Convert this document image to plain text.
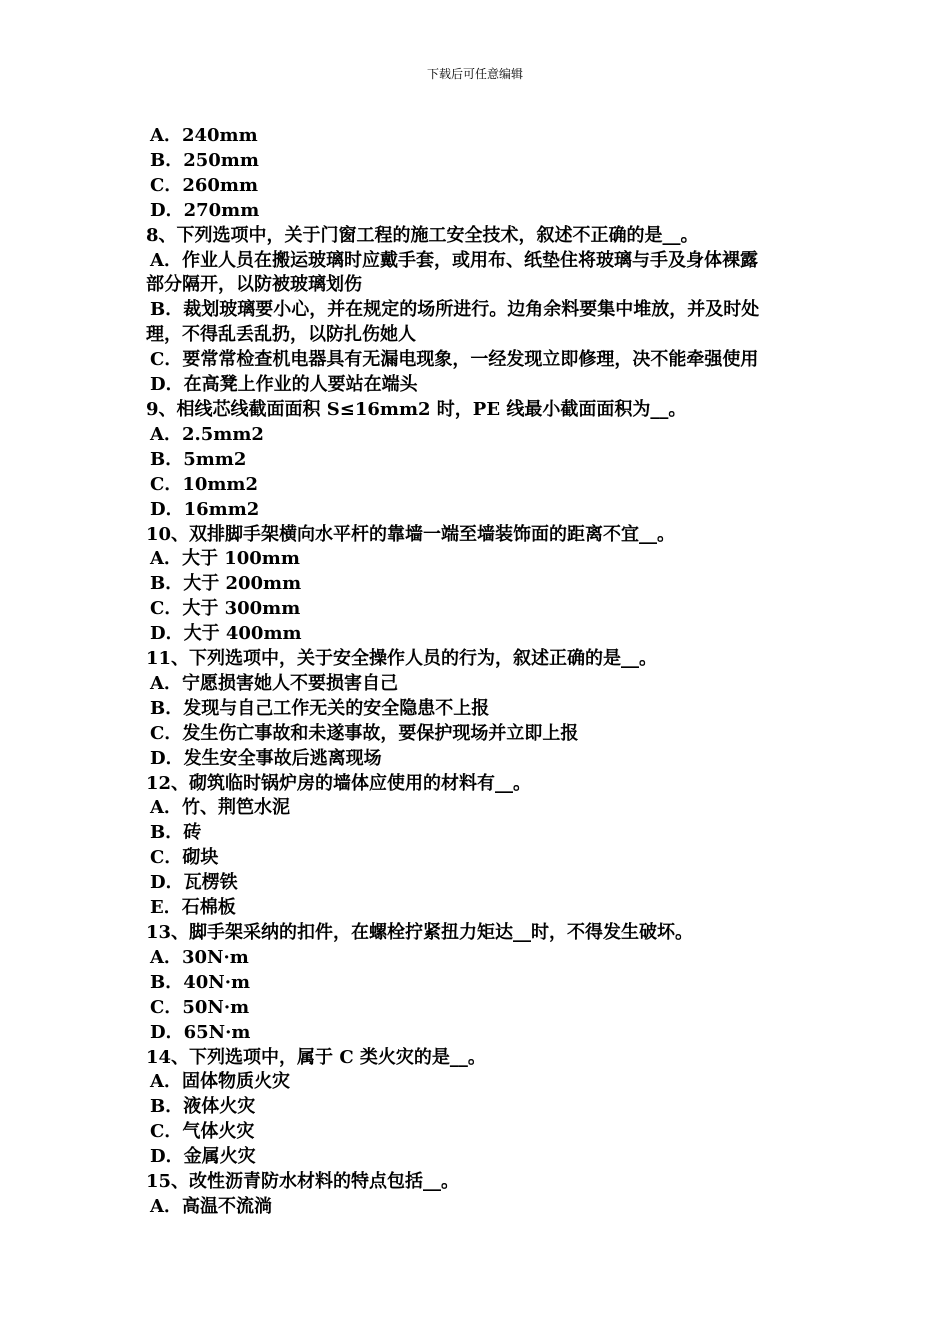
下载后可任意编辑
A．240mm
B．250mm
C．260mm
D．270mm
8、下列选项中，关于门窗工程的施工安全技术，叙述不正确的是__。
A．作业人员在搬运玻璃时应戴手套，或用布、纸垫住将玻璃与手及身体裸露
部分隔开，以防被玻璃划伤
B．裁划玻璃要小心，并在规定的场所进行。边角余料要集中堆放，并及时处
理，不得乱丢乱扔，以防扎伤她人
C．要常常检查机电器具有无漏电现象，一经发现立即修理，决不能牵强使用
D．在高凳上作业的人要站在端头
9、相线芯线截面面积 S≤16mm2 时，PE 线最小截面面积为__。
A．2.5mm2
B．5mm2
C．10mm2
D．16mm2
10、双排脚手架横向水平杆的靠墙一端至墙装饰面的距离不宜__。
A．大于 100mm
B．大于 200mm
C．大于 300mm
D．大于 400mm
11、下列选项中，关于安全操作人员的行为，叙述正确的是__。
A．宁愿损害她人不要损害自己
B．发现与自己工作无关的安全隐患不上报
C．发生伤亡事故和未遂事故，要保护现场并立即上报
D．发生安全事故后逃离现场
12、砌筑临时锅炉房的墙体应使用的材料有__。
A．竹、荆笆水泥
B．砖
C．砌块
D．瓦楞铁
E．石棉板
13、脚手架采纳的扣件，在螺栓拧紧扭力矩达__时，不得发生破坏。
A．30N·m
B．40N·m
C．50N·m
D．65N·m
14、下列选项中，属于 C 类火灾的是__。
A．固体物质火灾
B．液体火灾
C．气体火灾
D．金属火灾
15、改性沥青防水材料的特点包括__。
A．高温不流淌
